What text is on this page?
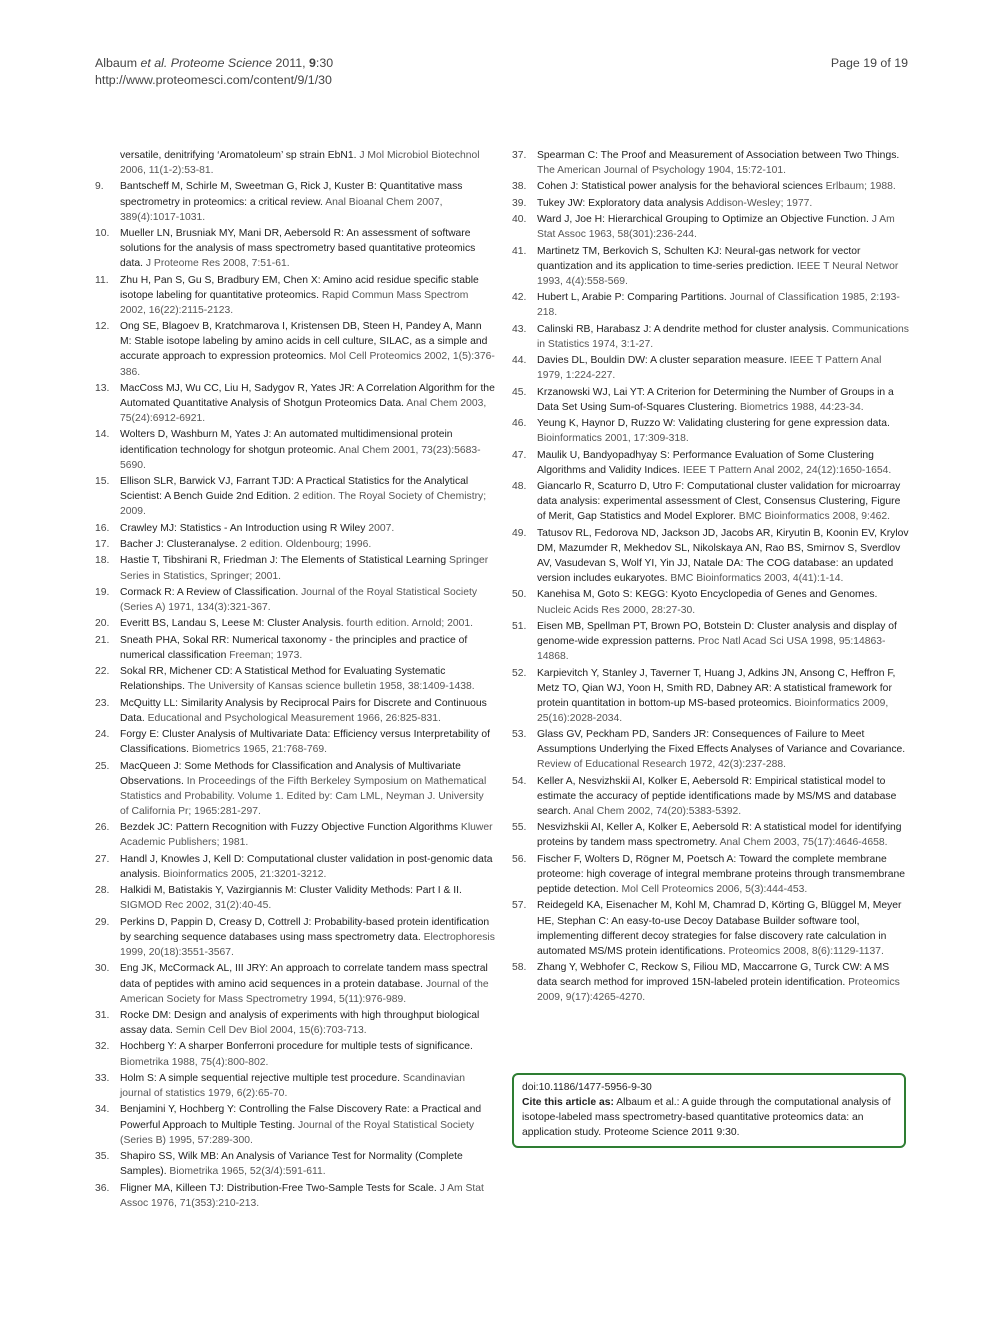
Albaum et al. Proteome Science 2011, 9:30
http://www.proteomesci.com/content/9/1/30
Page 19 of 19
versatile, denitrifying ‘Aromatoleum’ sp strain EbN1. J Mol Microbiol Biotechnol 2006, 11(1-2):53-81.
9. Bantscheff M, Schirle M, Sweetman G, Rick J, Kuster B: Quantitative mass spectrometry in proteomics: a critical review. Anal Bioanal Chem 2007, 389(4):1017-1031.
10. Mueller LN, Brusniak MY, Mani DR, Aebersold R: An assessment of software solutions for the analysis of mass spectrometry based quantitative proteomics data. J Proteome Res 2008, 7:51-61.
11. Zhu H, Pan S, Gu S, Bradbury EM, Chen X: Amino acid residue specific stable isotope labeling for quantitative proteomics. Rapid Commun Mass Spectrom 2002, 16(22):2115-2123.
12. Ong SE, Blagoev B, Kratchmarova I, Kristensen DB, Steen H, Pandey A, Mann M: Stable isotope labeling by amino acids in cell culture, SILAC, as a simple and accurate approach to expression proteomics. Mol Cell Proteomics 2002, 1(5):376-386.
13. MacCoss MJ, Wu CC, Liu H, Sadygov R, Yates JR: A Correlation Algorithm for the Automated Quantitative Analysis of Shotgun Proteomics Data. Anal Chem 2003, 75(24):6912-6921.
14. Wolters D, Washburn M, Yates J: An automated multidimensional protein identification technology for shotgun proteomic. Anal Chem 2001, 73(23):5683-5690.
15. Ellison SLR, Barwick VJ, Farrant TJD: A Practical Statistics for the Analytical Scientist: A Bench Guide 2nd Edition. 2 edition. The Royal Society of Chemistry; 2009.
16. Crawley MJ: Statistics - An Introduction using R Wiley 2007.
17. Bacher J: Clusteranalyse. 2 edition. Oldenbourg; 1996.
18. Hastie T, Tibshirani R, Friedman J: The Elements of Statistical Learning Springer Series in Statistics, Springer; 2001.
19. Cormack R: A Review of Classification. Journal of the Royal Statistical Society (Series A) 1971, 134(3):321-367.
20. Everitt BS, Landau S, Leese M: Cluster Analysis. fourth edition. Arnold; 2001.
21. Sneath PHA, Sokal RR: Numerical taxonomy - the principles and practice of numerical classification Freeman; 1973.
22. Sokal RR, Michener CD: A Statistical Method for Evaluating Systematic Relationships. The University of Kansas science bulletin 1958, 38:1409-1438.
23. McQuitty LL: Similarity Analysis by Reciprocal Pairs for Discrete and Continuous Data. Educational and Psychological Measurement 1966, 26:825-831.
24. Forgy E: Cluster Analysis of Multivariate Data: Efficiency versus Interpretability of Classifications. Biometrics 1965, 21:768-769.
25. MacQueen J: Some Methods for Classification and Analysis of Multivariate Observations. In Proceedings of the Fifth Berkeley Symposium on Mathematical Statistics and Probability. Volume 1. Edited by: Cam LML, Neyman J. University of California Pr; 1965:281-297.
26. Bezdek JC: Pattern Recognition with Fuzzy Objective Function Algorithms Kluwer Academic Publishers; 1981.
27. Handl J, Knowles J, Kell D: Computational cluster validation in post-genomic data analysis. Bioinformatics 2005, 21:3201-3212.
28. Halkidi M, Batistakis Y, Vazirgiannis M: Cluster Validity Methods: Part I & II. SIGMOD Rec 2002, 31(2):40-45.
29. Perkins D, Pappin D, Creasy D, Cottrell J: Probability-based protein identification by searching sequence databases using mass spectrometry data. Electrophoresis 1999, 20(18):3551-3567.
30. Eng JK, McCormack AL, III JRY: An approach to correlate tandem mass spectral data of peptides with amino acid sequences in a protein database. Journal of the American Society for Mass Spectrometry 1994, 5(11):976-989.
31. Rocke DM: Design and analysis of experiments with high throughput biological assay data. Semin Cell Dev Biol 2004, 15(6):703-713.
32. Hochberg Y: A sharper Bonferroni procedure for multiple tests of significance. Biometrika 1988, 75(4):800-802.
33. Holm S: A simple sequential rejective multiple test procedure. Scandinavian journal of statistics 1979, 6(2):65-70.
34. Benjamini Y, Hochberg Y: Controlling the False Discovery Rate: a Practical and Powerful Approach to Multiple Testing. Journal of the Royal Statistical Society (Series B) 1995, 57:289-300.
35. Shapiro SS, Wilk MB: An Analysis of Variance Test for Normality (Complete Samples). Biometrika 1965, 52(3/4):591-611.
36. Fligner MA, Killeen TJ: Distribution-Free Two-Sample Tests for Scale. J Am Stat Assoc 1976, 71(353):210-213.
37. Spearman C: The Proof and Measurement of Association between Two Things. The American Journal of Psychology 1904, 15:72-101.
38. Cohen J: Statistical power analysis for the behavioral sciences Erlbaum; 1988.
39. Tukey JW: Exploratory data analysis Addison-Wesley; 1977.
40. Ward J, Joe H: Hierarchical Grouping to Optimize an Objective Function. J Am Stat Assoc 1963, 58(301):236-244.
41. Martinetz TM, Berkovich S, Schulten KJ: Neural-gas network for vector quantization and its application to time-series prediction. IEEE T Neural Networ 1993, 4(4):558-569.
42. Hubert L, Arabie P: Comparing Partitions. Journal of Classification 1985, 2:193-218.
43. Calinski RB, Harabasz J: A dendrite method for cluster analysis. Communications in Statistics 1974, 3:1-27.
44. Davies DL, Bouldin DW: A cluster separation measure. IEEE T Pattern Anal 1979, 1:224-227.
45. Krzanowski WJ, Lai YT: A Criterion for Determining the Number of Groups in a Data Set Using Sum-of-Squares Clustering. Biometrics 1988, 44:23-34.
46. Yeung K, Haynor D, Ruzzo W: Validating clustering for gene expression data. Bioinformatics 2001, 17:309-318.
47. Maulik U, Bandyopadhyay S: Performance Evaluation of Some Clustering Algorithms and Validity Indices. IEEE T Pattern Anal 2002, 24(12):1650-1654.
48. Giancarlo R, Scaturro D, Utro F: Computational cluster validation for microarray data analysis: experimental assessment of Clest, Consensus Clustering, Figure of Merit, Gap Statistics and Model Explorer. BMC Bioinformatics 2008, 9:462.
49. Tatusov RL, Fedorova ND, Jackson JD, Jacobs AR, Kiryutin B, Koonin EV, Krylov DM, Mazumder R, Mekhedov SL, Nikolskaya AN, Rao BS, Smirnov S, Sverdlov AV, Vasudevan S, Wolf YI, Yin JJ, Natale DA: The COG database: an updated version includes eukaryotes. BMC Bioinformatics 2003, 4(41):1-14.
50. Kanehisa M, Goto S: KEGG: Kyoto Encyclopedia of Genes and Genomes. Nucleic Acids Res 2000, 28:27-30.
51. Eisen MB, Spellman PT, Brown PO, Botstein D: Cluster analysis and display of genome-wide expression patterns. Proc Natl Acad Sci USA 1998, 95:14863-14868.
52. Karpievitch Y, Stanley J, Taverner T, Huang J, Adkins JN, Ansong C, Heffron F, Metz TO, Qian WJ, Yoon H, Smith RD, Dabney AR: A statistical framework for protein quantitation in bottom-up MS-based proteomics. Bioinformatics 2009, 25(16):2028-2034.
53. Glass GV, Peckham PD, Sanders JR: Consequences of Failure to Meet Assumptions Underlying the Fixed Effects Analyses of Variance and Covariance. Review of Educational Research 1972, 42(3):237-288.
54. Keller A, Nesvizhskii AI, Kolker E, Aebersold R: Empirical statistical model to estimate the accuracy of peptide identifications made by MS/MS and database search. Anal Chem 2002, 74(20):5383-5392.
55. Nesvizhskii AI, Keller A, Kolker E, Aebersold R: A statistical model for identifying proteins by tandem mass spectrometry. Anal Chem 2003, 75(17):4646-4658.
56. Fischer F, Wolters D, Rögner M, Poetsch A: Toward the complete membrane proteome: high coverage of integral membrane proteins through transmembrane peptide detection. Mol Cell Proteomics 2006, 5(3):444-453.
57. Reidegeld KA, Eisenacher M, Kohl M, Chamrad D, Körting G, Blüggel M, Meyer HE, Stephan C: An easy-to-use Decoy Database Builder software tool, implementing different decoy strategies for false discovery rate calculation in automated MS/MS protein identifications. Proteomics 2008, 8(6):1129-1137.
58. Zhang Y, Webhofer C, Reckow S, Filiou MD, Maccarrone G, Turck CW: A MS data search method for improved 15N-labeled protein identification. Proteomics 2009, 9(17):4265-4270.
doi:10.1186/1477-5956-9-30
Cite this article as: Albaum et al.: A guide through the computational analysis of isotope-labeled mass spectrometry-based quantitative proteomics data: an application study. Proteome Science 2011 9:30.
